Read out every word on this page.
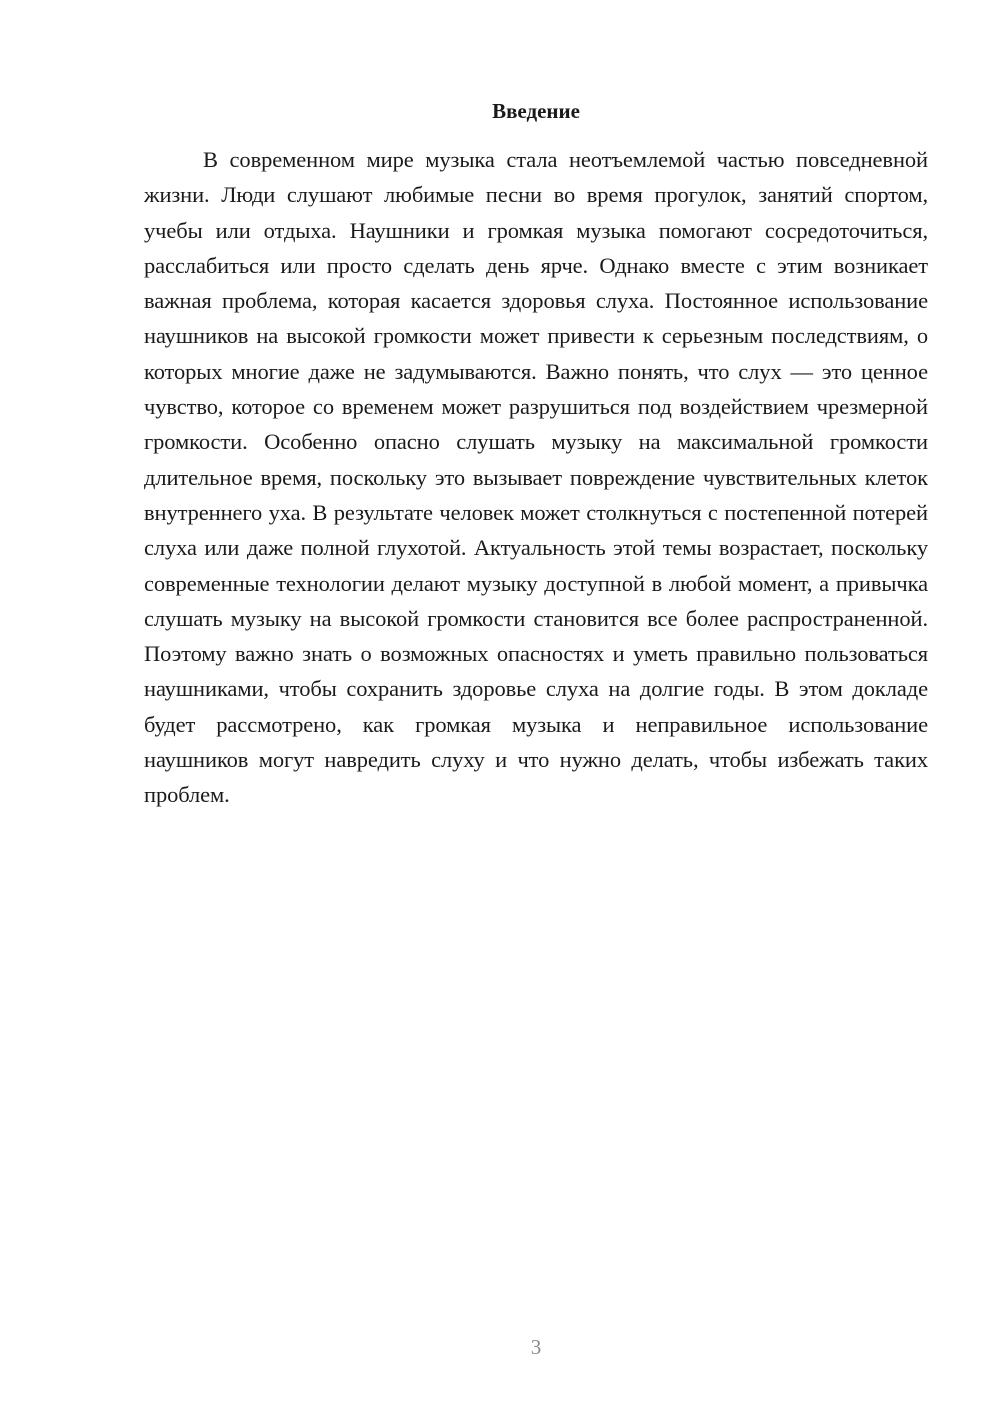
Введение

В современном мире музыка стала неотъемлемой частью повседневной жизни. Люди слушают любимые песни во время прогулок, занятий спортом, учебы или отдыха. Наушники и громкая музыка помогают сосредоточиться, расслабиться или просто сделать день ярче. Однако вместе с этим возникает важная проблема, которая касается здоровья слуха. Постоянное использование наушников на высокой громкости может привести к серьезным последствиям, о которых многие даже не задумываются. Важно понять, что слух — это ценное чувство, которое со временем может разрушиться под воздействием чрезмерной громкости. Особенно опасно слушать музыку на максимальной громкости длительное время, поскольку это вызывает повреждение чувствительных клеток внутреннего уха. В результате человек может столкнуться с постепенной потерей слуха или даже полной глухотой. Актуальность этой темы возрастает, поскольку современные технологии делают музыку доступной в любой момент, а привычка слушать музыку на высокой громкости становится все более распространенной. Поэтому важно знать о возможных опасностях и уметь правильно пользоваться наушниками, чтобы сохранить здоровье слуха на долгие годы. В этом докладе будет рассмотрено, как громкая музыка и неправильное использование наушников могут навредить слуху и что нужно делать, чтобы избежать таких проблем.

3
